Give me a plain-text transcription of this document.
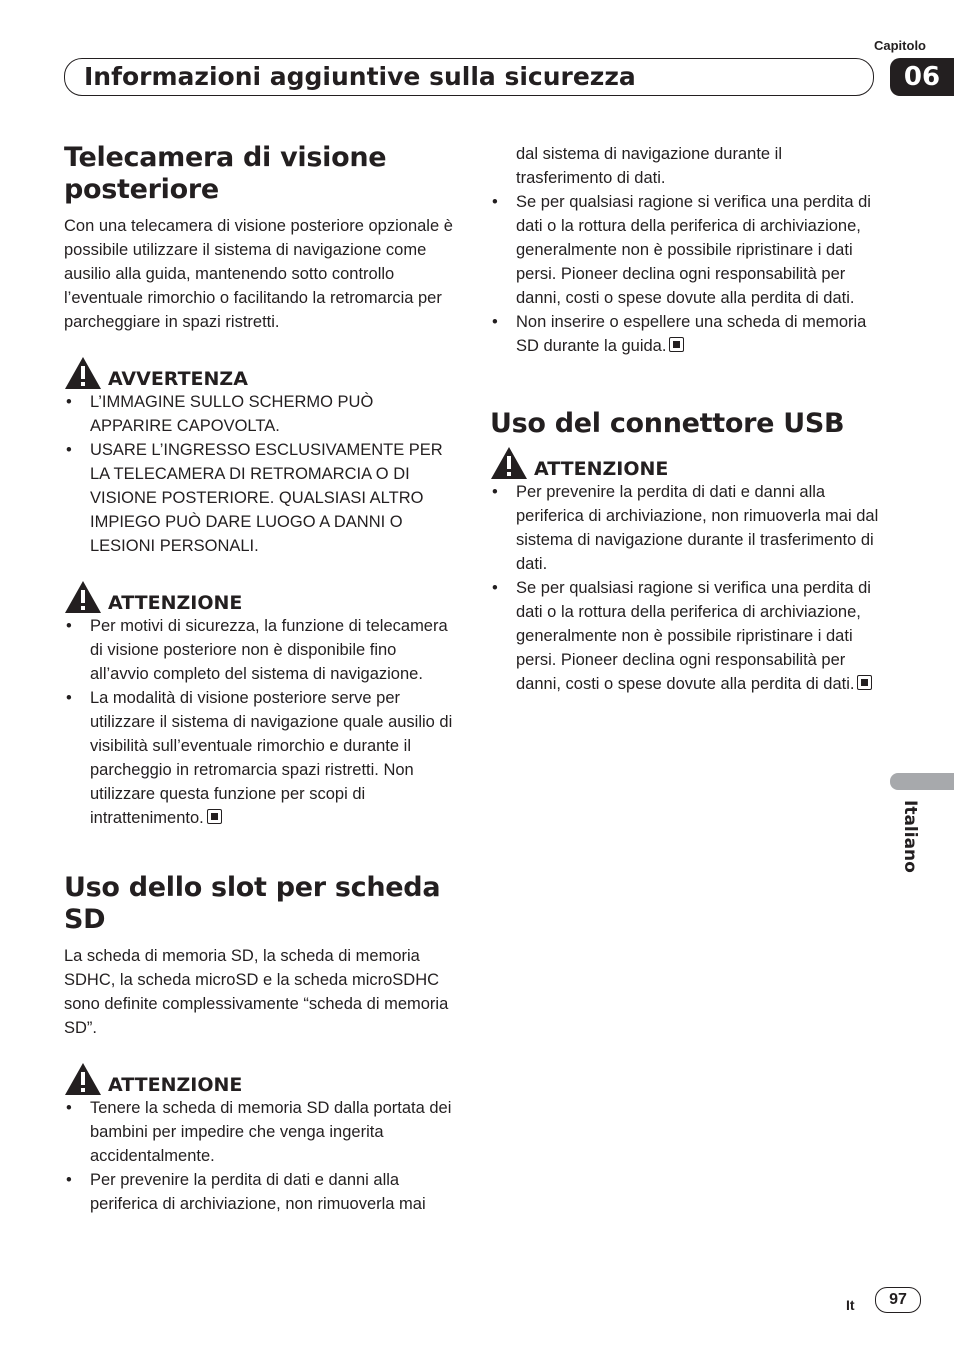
Capitolo
06
Informazioni aggiuntive sulla sicurezza
Telecamera di visione posteriore

Con una telecamera di visione posteriore opzionale è possibile utilizzare il sistema di navigazione come ausilio alla guida, mantenendo sotto controllo l’eventuale rimorchio o facilitando la retromarcia per parcheggiare in spazi ristretti.

AVVERTENZA
• L’IMMAGINE SULLO SCHERMO PUÒ APPARIRE CAPOVOLTA.
• USARE L’INGRESSO ESCLUSIVAMENTE PER LA TELECAMERA DI RETROMARCIA O DI VISIONE POSTERIORE. QUALSIASI ALTRO IMPIEGO PUÒ DARE LUOGO A DANNI O LESIONI PERSONALI.
ATTENZIONE
• Per motivi di sicurezza, la funzione di telecamera di visione posteriore non è disponibile fino all’avvio completo del sistema di navigazione.
• La modalità di visione posteriore serve per utilizzare il sistema di navigazione quale ausilio di visibilità sull’eventuale rimorchio e durante il parcheggio in retromarcia spazi ristretti. Non utilizzare questa funzione per scopi di intrattenimento.
Uso dello slot per scheda SD

La scheda di memoria SD, la scheda di memoria SDHC, la scheda microSD e la scheda microSDHC sono definite complessivamente “scheda di memoria SD”.

ATTENZIONE
• Tenere la scheda di memoria SD dalla portata dei bambini per impedire che venga ingerita accidentalmente.
• Per prevenire la perdita di dati e danni alla periferica di archiviazione, non rimuoverla mai
dal sistema di navigazione durante il trasferimento di dati.
• Se per qualsiasi ragione si verifica una perdita di dati o la rottura della periferica di archiviazione, generalmente non è possibile ripristinare i dati persi. Pioneer declina ogni responsabilità per danni, costi o spese dovute alla perdita di dati.
• Non inserire o espellere una scheda di memoria SD durante la guida.
Uso del connettore USB
ATTENZIONE
• Per prevenire la perdita di dati e danni alla periferica di archiviazione, non rimuoverla mai dal sistema di navigazione durante il trasferimento di dati.
• Se per qualsiasi ragione si verifica una perdita di dati o la rottura della periferica di archiviazione, generalmente non è possibile ripristinare i dati persi. Pioneer declina ogni responsabilità per danni, costi o spese dovute alla perdita di dati.
Italiano
It	97
